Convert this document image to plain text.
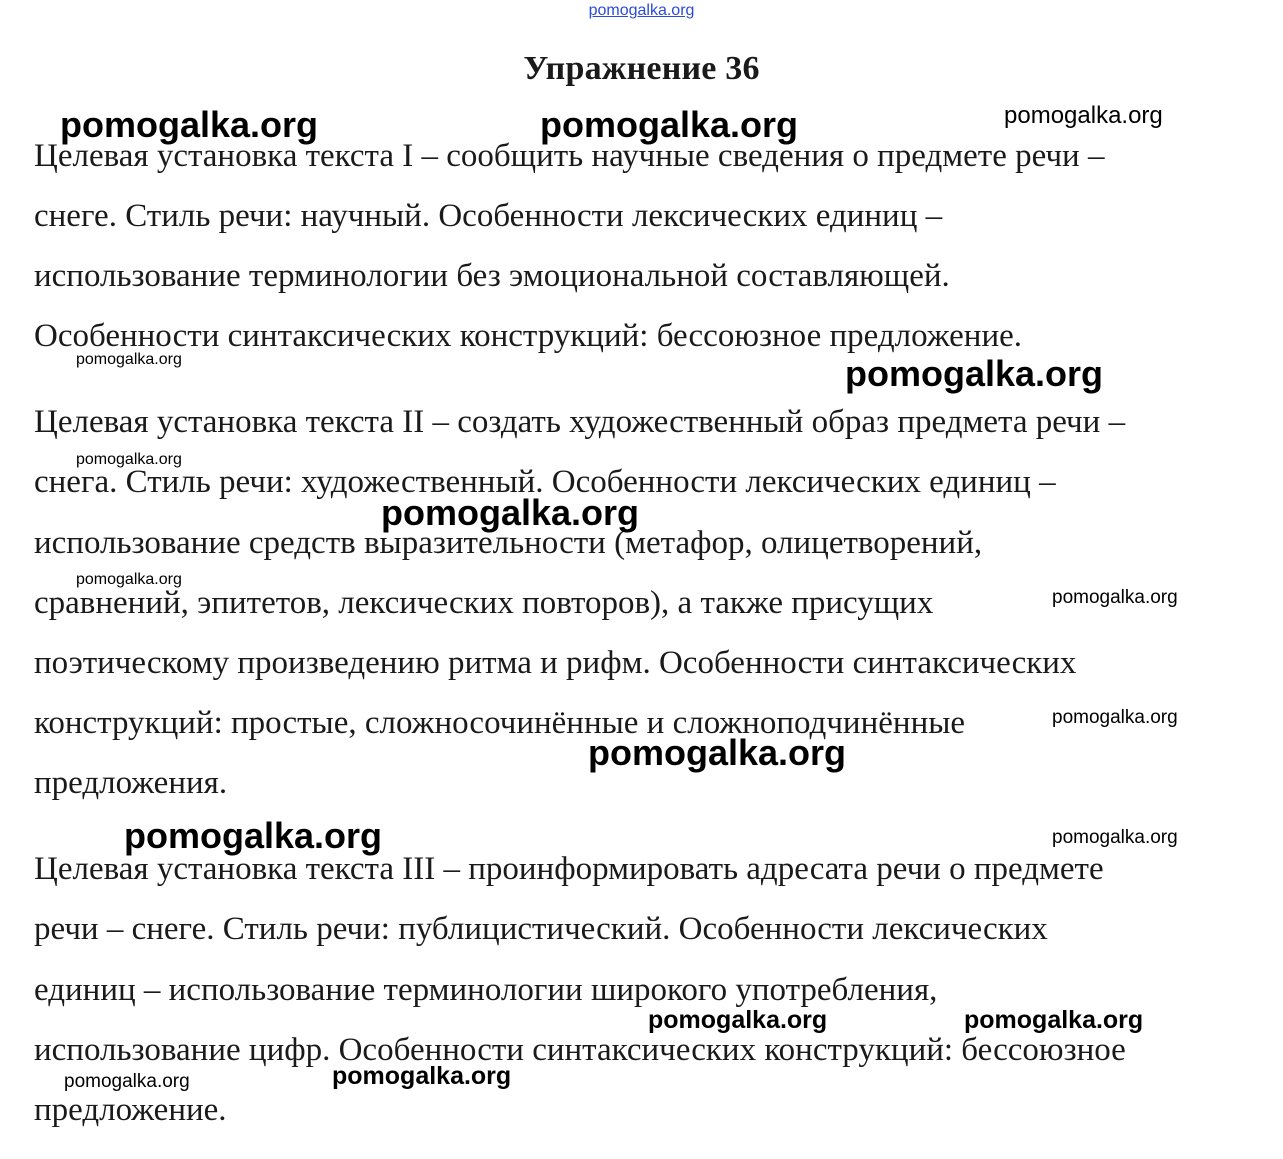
pomogalka.org
Упражнение 36
Целевая установка текста I – сообщить научные сведения о предмете речи –
снеге. Стиль речи: научный. Особенности лексических единиц –
использование терминологии без эмоциональной составляющей.
Особенности синтаксических конструкций: бессоюзное предложение.
Целевая установка текста II – создать художественный образ предмета речи –
снега. Стиль речи: художественный. Особенности лексических единиц –
использование средств выразительности (метафор, олицетворений,
сравнений, эпитетов, лексических повторов), а также присущих
поэтическому произведению ритма и рифм. Особенности синтаксических
конструкций: простые, сложносочинённые и сложноподчинённые
предложения.
Целевая установка текста III – проинформировать адресата речи о предмете
речи – снеге. Стиль речи: публицистический. Особенности лексических
единиц – использование терминологии широкого употребления,
использование цифр. Особенности синтаксических конструкций: бессоюзное
предложение.
pomogalka.org	pomogalka.org	pomogalka.org
pomogalka.org	pomogalka.org
pomogalka.org
pomogalka.org
pomogalka.org
pomogalka.org
pomogalka.org
pomogalka.org
pomogalka.org	pomogalka.org
pomogalka.org	pomogalka.org
pomogalka.org	pomogalka.org
